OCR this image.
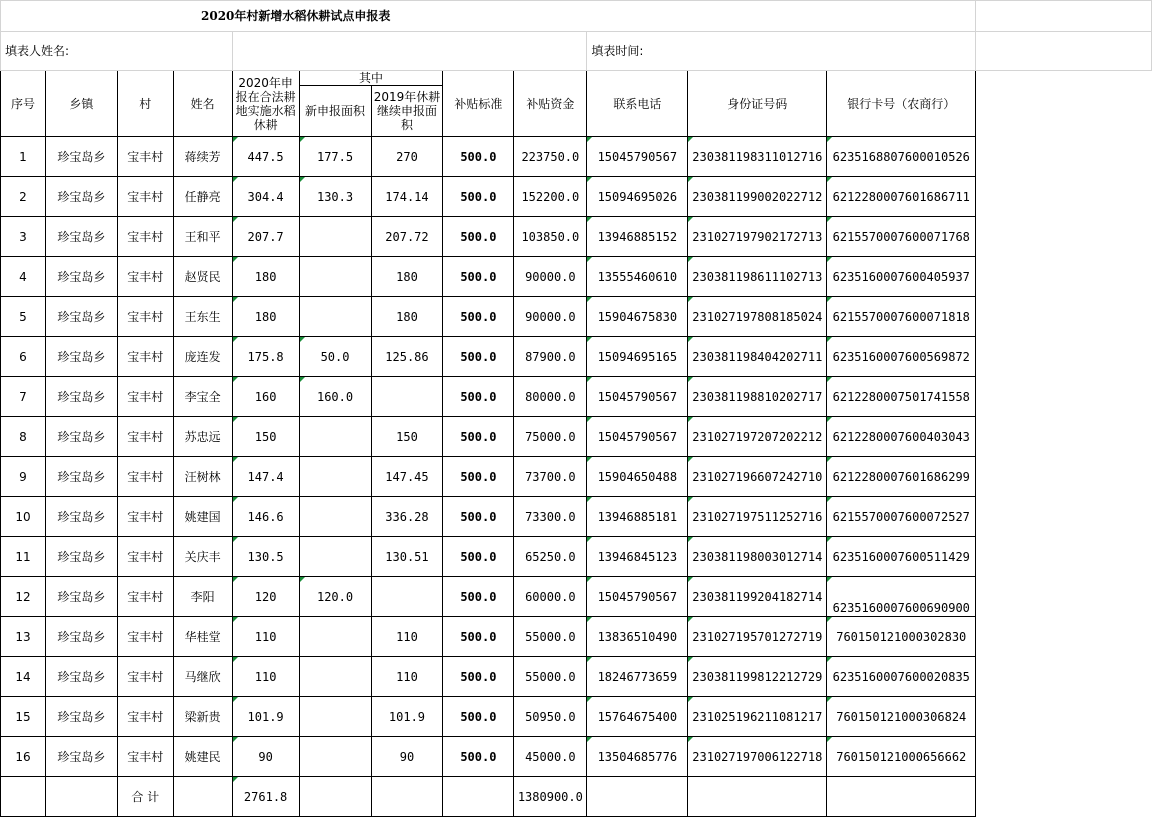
2020年村新增水稻休耕试点申报表												
填表人姓名:									填表时间:			
序号	乡镇	村	姓名	2020年申报在合法耕地实施水稻休耕	其中		补贴标准	补贴资金	联系电话	身份证号码	银行卡号（农商行）	
					新申报面积	2019年休耕继续申报面积						
1	珍宝岛乡	宝丰村	蒋续芳	447.5	177.5	270	500.0	223750.0	15045790567	230381198311012716	6235168807600010526	
2	珍宝岛乡	宝丰村	任静亮	304.4	130.3	174.14	500.0	152200.0	15094695026	230381199002022712	6212280007601686711	
3	珍宝岛乡	宝丰村	王和平	207.7		207.72	500.0	103850.0	13946885152	231027197902172713	6215570007600071768	
4	珍宝岛乡	宝丰村	赵贤民	180		180	500.0	90000.0	13555460610	230381198611102713	6235160007600405937	
5	珍宝岛乡	宝丰村	王东生	180		180	500.0	90000.0	15904675830	231027197808185024	6215570007600071818	
6	珍宝岛乡	宝丰村	庞连发	175.8	50.0	125.86	500.0	87900.0	15094695165	230381198404202711	6235160007600569872	
7	珍宝岛乡	宝丰村	李宝全	160	160.0		500.0	80000.0	15045790567	230381198810202717	6212280007501741558	
8	珍宝岛乡	宝丰村	苏忠远	150		150	500.0	75000.0	15045790567	231027197207202212	6212280007600403043	
9	珍宝岛乡	宝丰村	汪树林	147.4		147.45	500.0	73700.0	15904650488	231027196607242710	6212280007601686299	
10	珍宝岛乡	宝丰村	姚建国	146.6		336.28	500.0	73300.0	13946885181	231027197511252716	6215570007600072527	
11	珍宝岛乡	宝丰村	关庆丰	130.5		130.51	500.0	65250.0	13946845123	230381198003012714	6235160007600511429	
12	珍宝岛乡	宝丰村	李阳	120	120.0		500.0	60000.0	15045790567	230381199204182714	6235160007600690900	
13	珍宝岛乡	宝丰村	华桂堂	110		110	500.0	55000.0	13836510490	231027195701272719	760150121000302830	
14	珍宝岛乡	宝丰村	马继欣	110		110	500.0	55000.0	18246773659	230381199812212729	6235160007600020835	
15	珍宝岛乡	宝丰村	梁新贵	101.9		101.9	500.0	50950.0	15764675400	231025196211081217	760150121000306824	
16	珍宝岛乡	宝丰村	姚建民	90		90	500.0	45000.0	13504685776	231027197006122718	760150121000656662	
		合 计		2761.8				1380900.0				
